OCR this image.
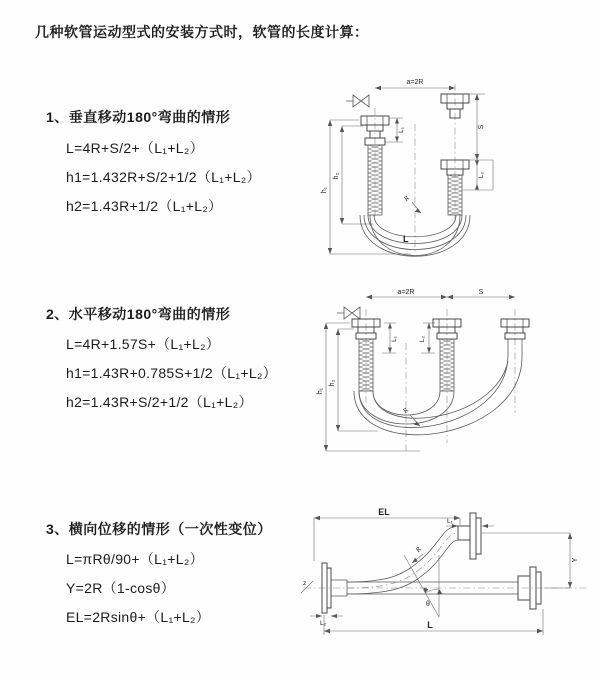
几种软管运动型式的安装方式时，软管的长度计算：
1、垂直移动180°弯曲的情形
L=4R+S/2+（L₁+L₂）
h1=1.432R+S/2+1/2（L₁+L₂）
h2=1.43R+1/2（L₁+L₂）
a=2R
R
L
h₁
h₂
L₁
S
L₂
2、水平移动180°弯曲的情形
L=4R+1.57S+（L₁+L₂）
h1=1.43R+0.785S+1/2（L₁+L₂）
h2=1.43R+S/2+1/2（L₁+L₂）
a=2R	S
R
h₁
h₂
L₁	L₂
3、横向位移的情形（一次性变位）
L=πRθ/90+（L₁+L₂）
Y=2R（1-cosθ）
EL=2Rsinθ+（L₁+L₂）
z
θ
R
EL
L₁
Y
L
L₂
